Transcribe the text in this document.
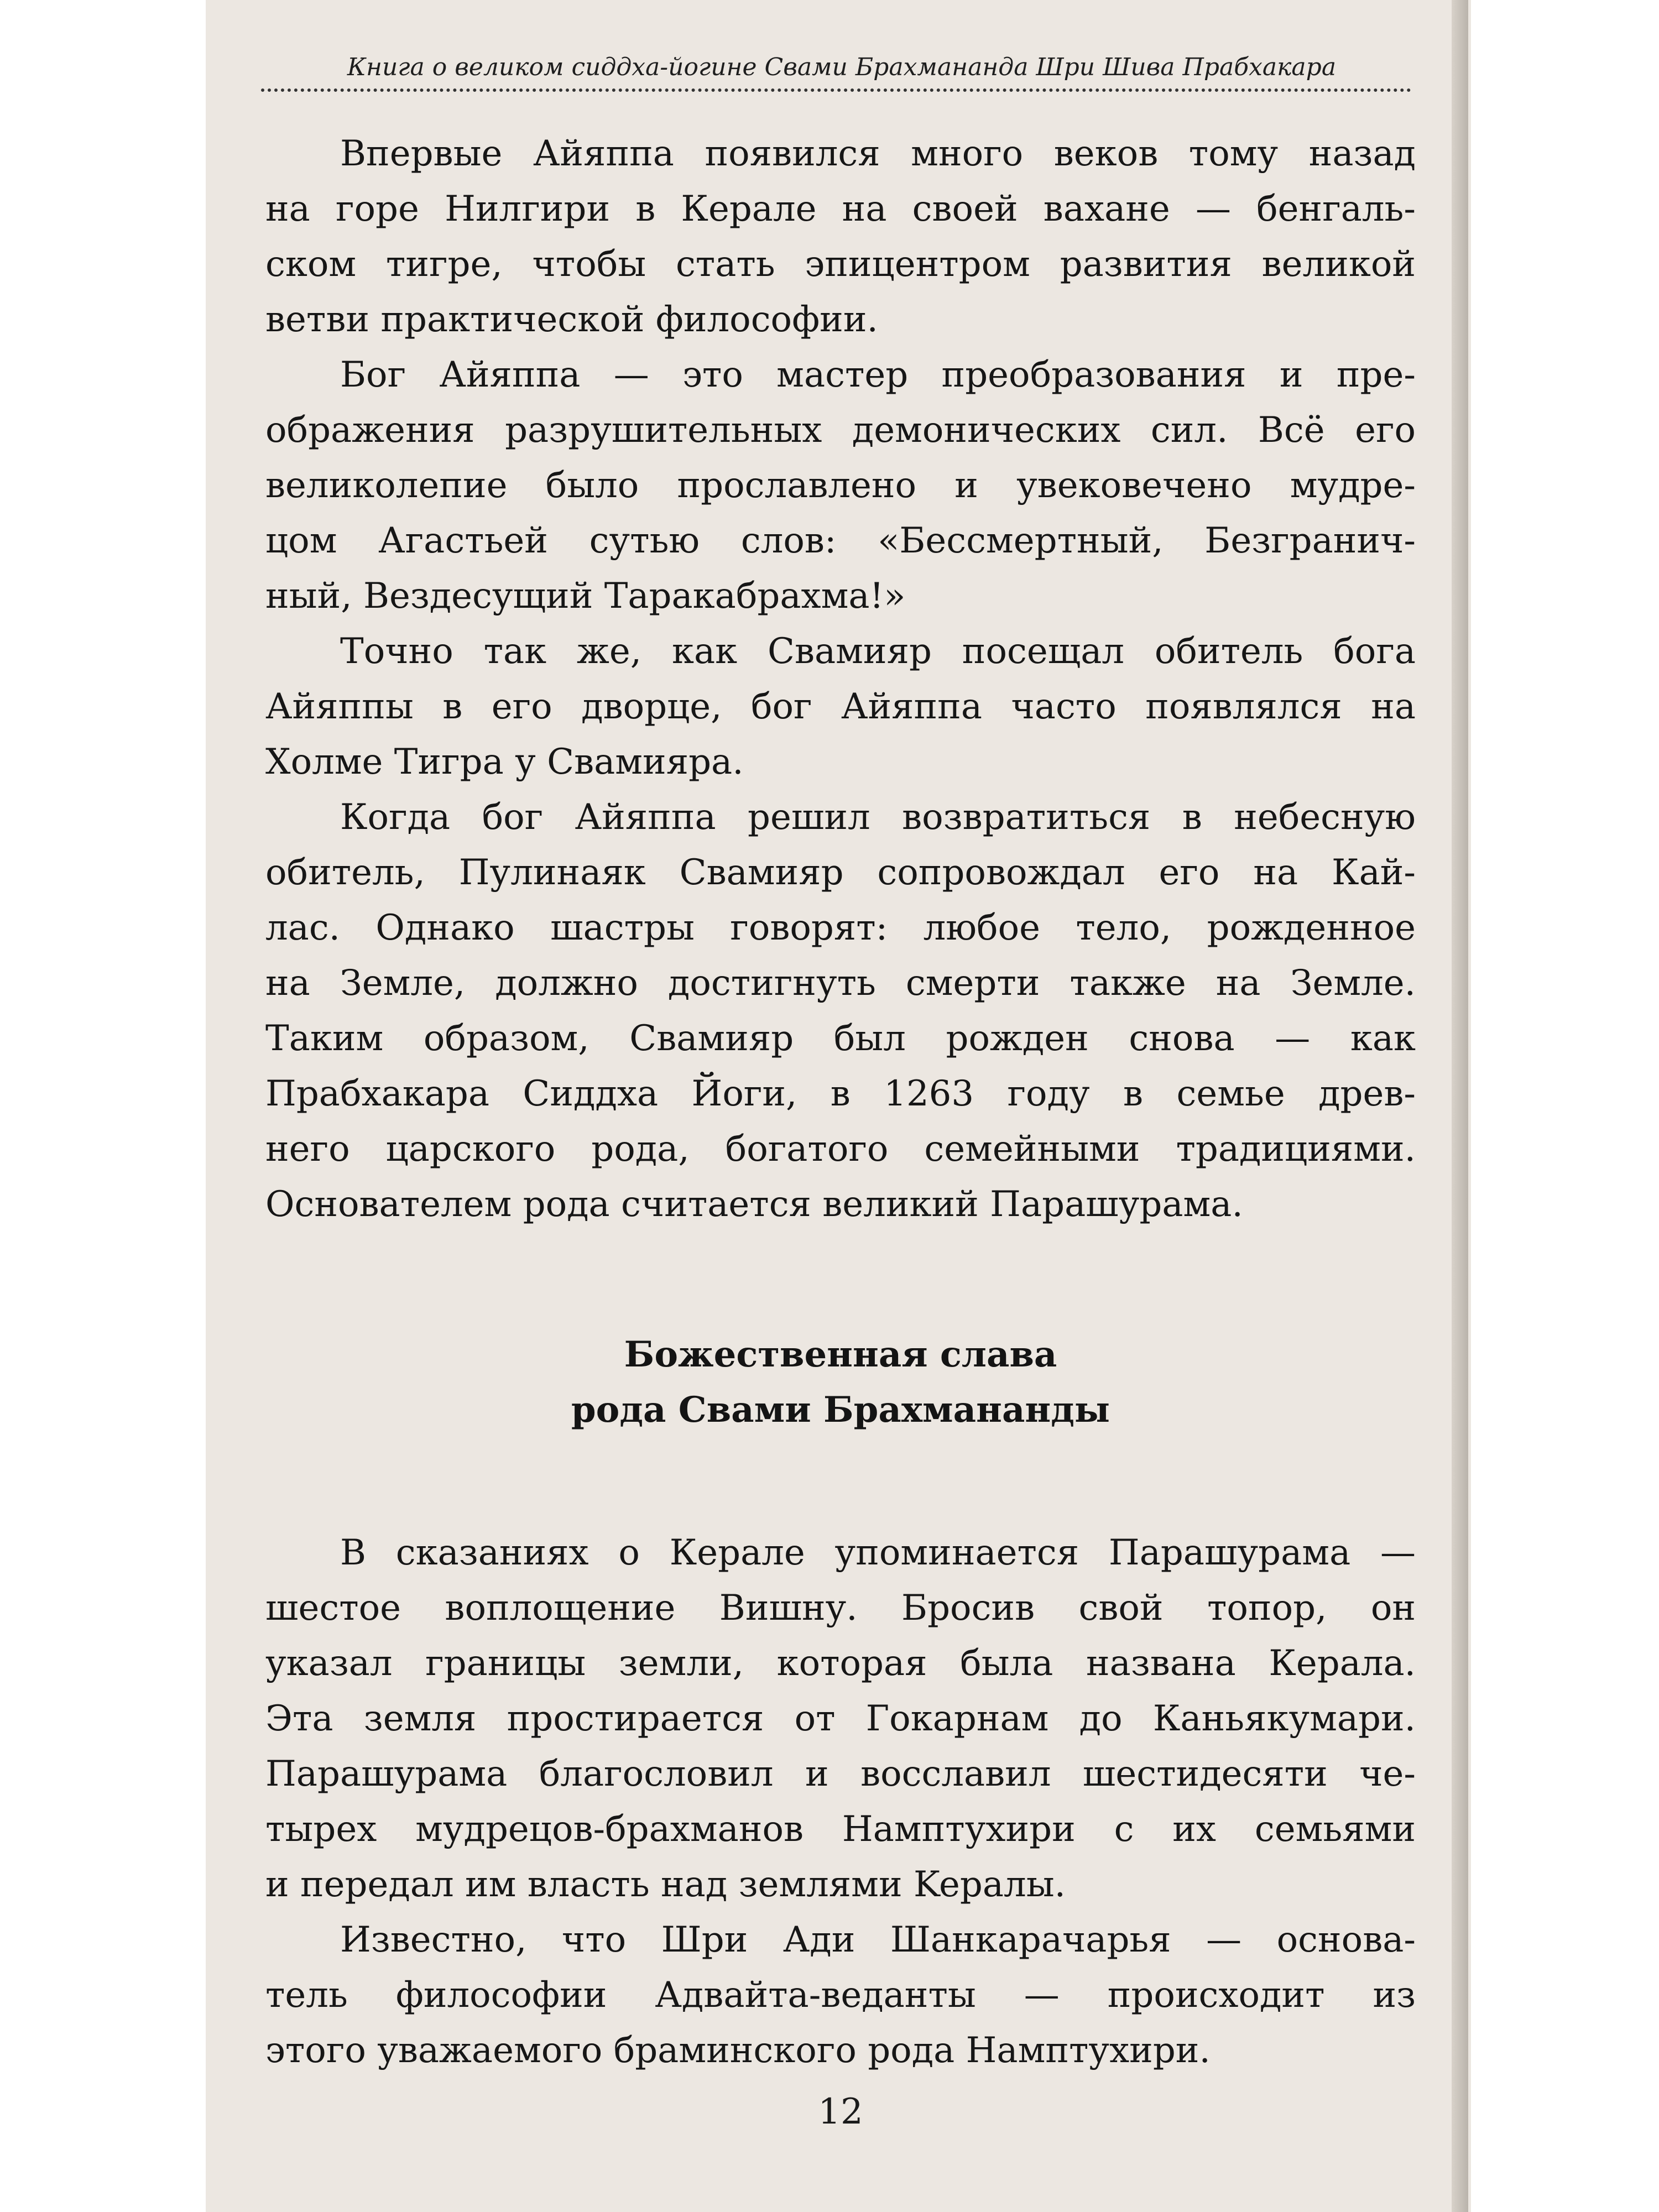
Книга о великом сиддха-йогине Свами Брахмананда Шри Шива Прабхакара
Впервые Айяппа появился много веков тому назад
на горе Нилгири в Керале на своей вахане — бенгаль-
ском тигре, чтобы стать эпицентром развития великой
ветви практической философии.
Бог Айяппа — это мастер преобразования и пре-
ображения разрушительных демонических сил. Всё его
великолепие было прославлено и увековечено мудре-
цом Агастьей сутью слов: «Бессмертный, Безгранич-
ный, Вездесущий Таракабрахма!»
Точно так же, как Свамияр посещал обитель бога
Айяппы в его дворце, бог Айяппа часто появлялся на
Холме Тигра у Свамияра.
Когда бог Айяппа решил возвратиться в небесную
обитель, Пулинаяк Свамияр сопровождал его на Кай-
лас. Однако шастры говорят: любое тело, рожденное
на Земле, должно достигнуть смерти также на Земле.
Таким образом, Свамияр был рожден снова — как
Прабхакара Сиддха Йоги, в 1263 году в семье древ-
него царского рода, богатого семейными традициями.
Основателем рода считается великий Парашурама.
Божественная слава
рода Свами Брахмананды
В сказаниях о Керале упоминается Парашурама —
шестое воплощение Вишну. Бросив свой топор, он
указал границы земли, которая была названа Керала.
Эта земля простирается от Гокарнам до Каньякумари.
Парашурама благословил и восславил шестидесяти че-
тырех мудрецов-брахманов Намптухири с их семьями
и передал им власть над землями Keралы.
Известно, что Шри Ади Шанкарачарья — основа-
тель философии Адвайта-веданты — происходит из
этого уважаемого браминского рода Намптухири.
12
